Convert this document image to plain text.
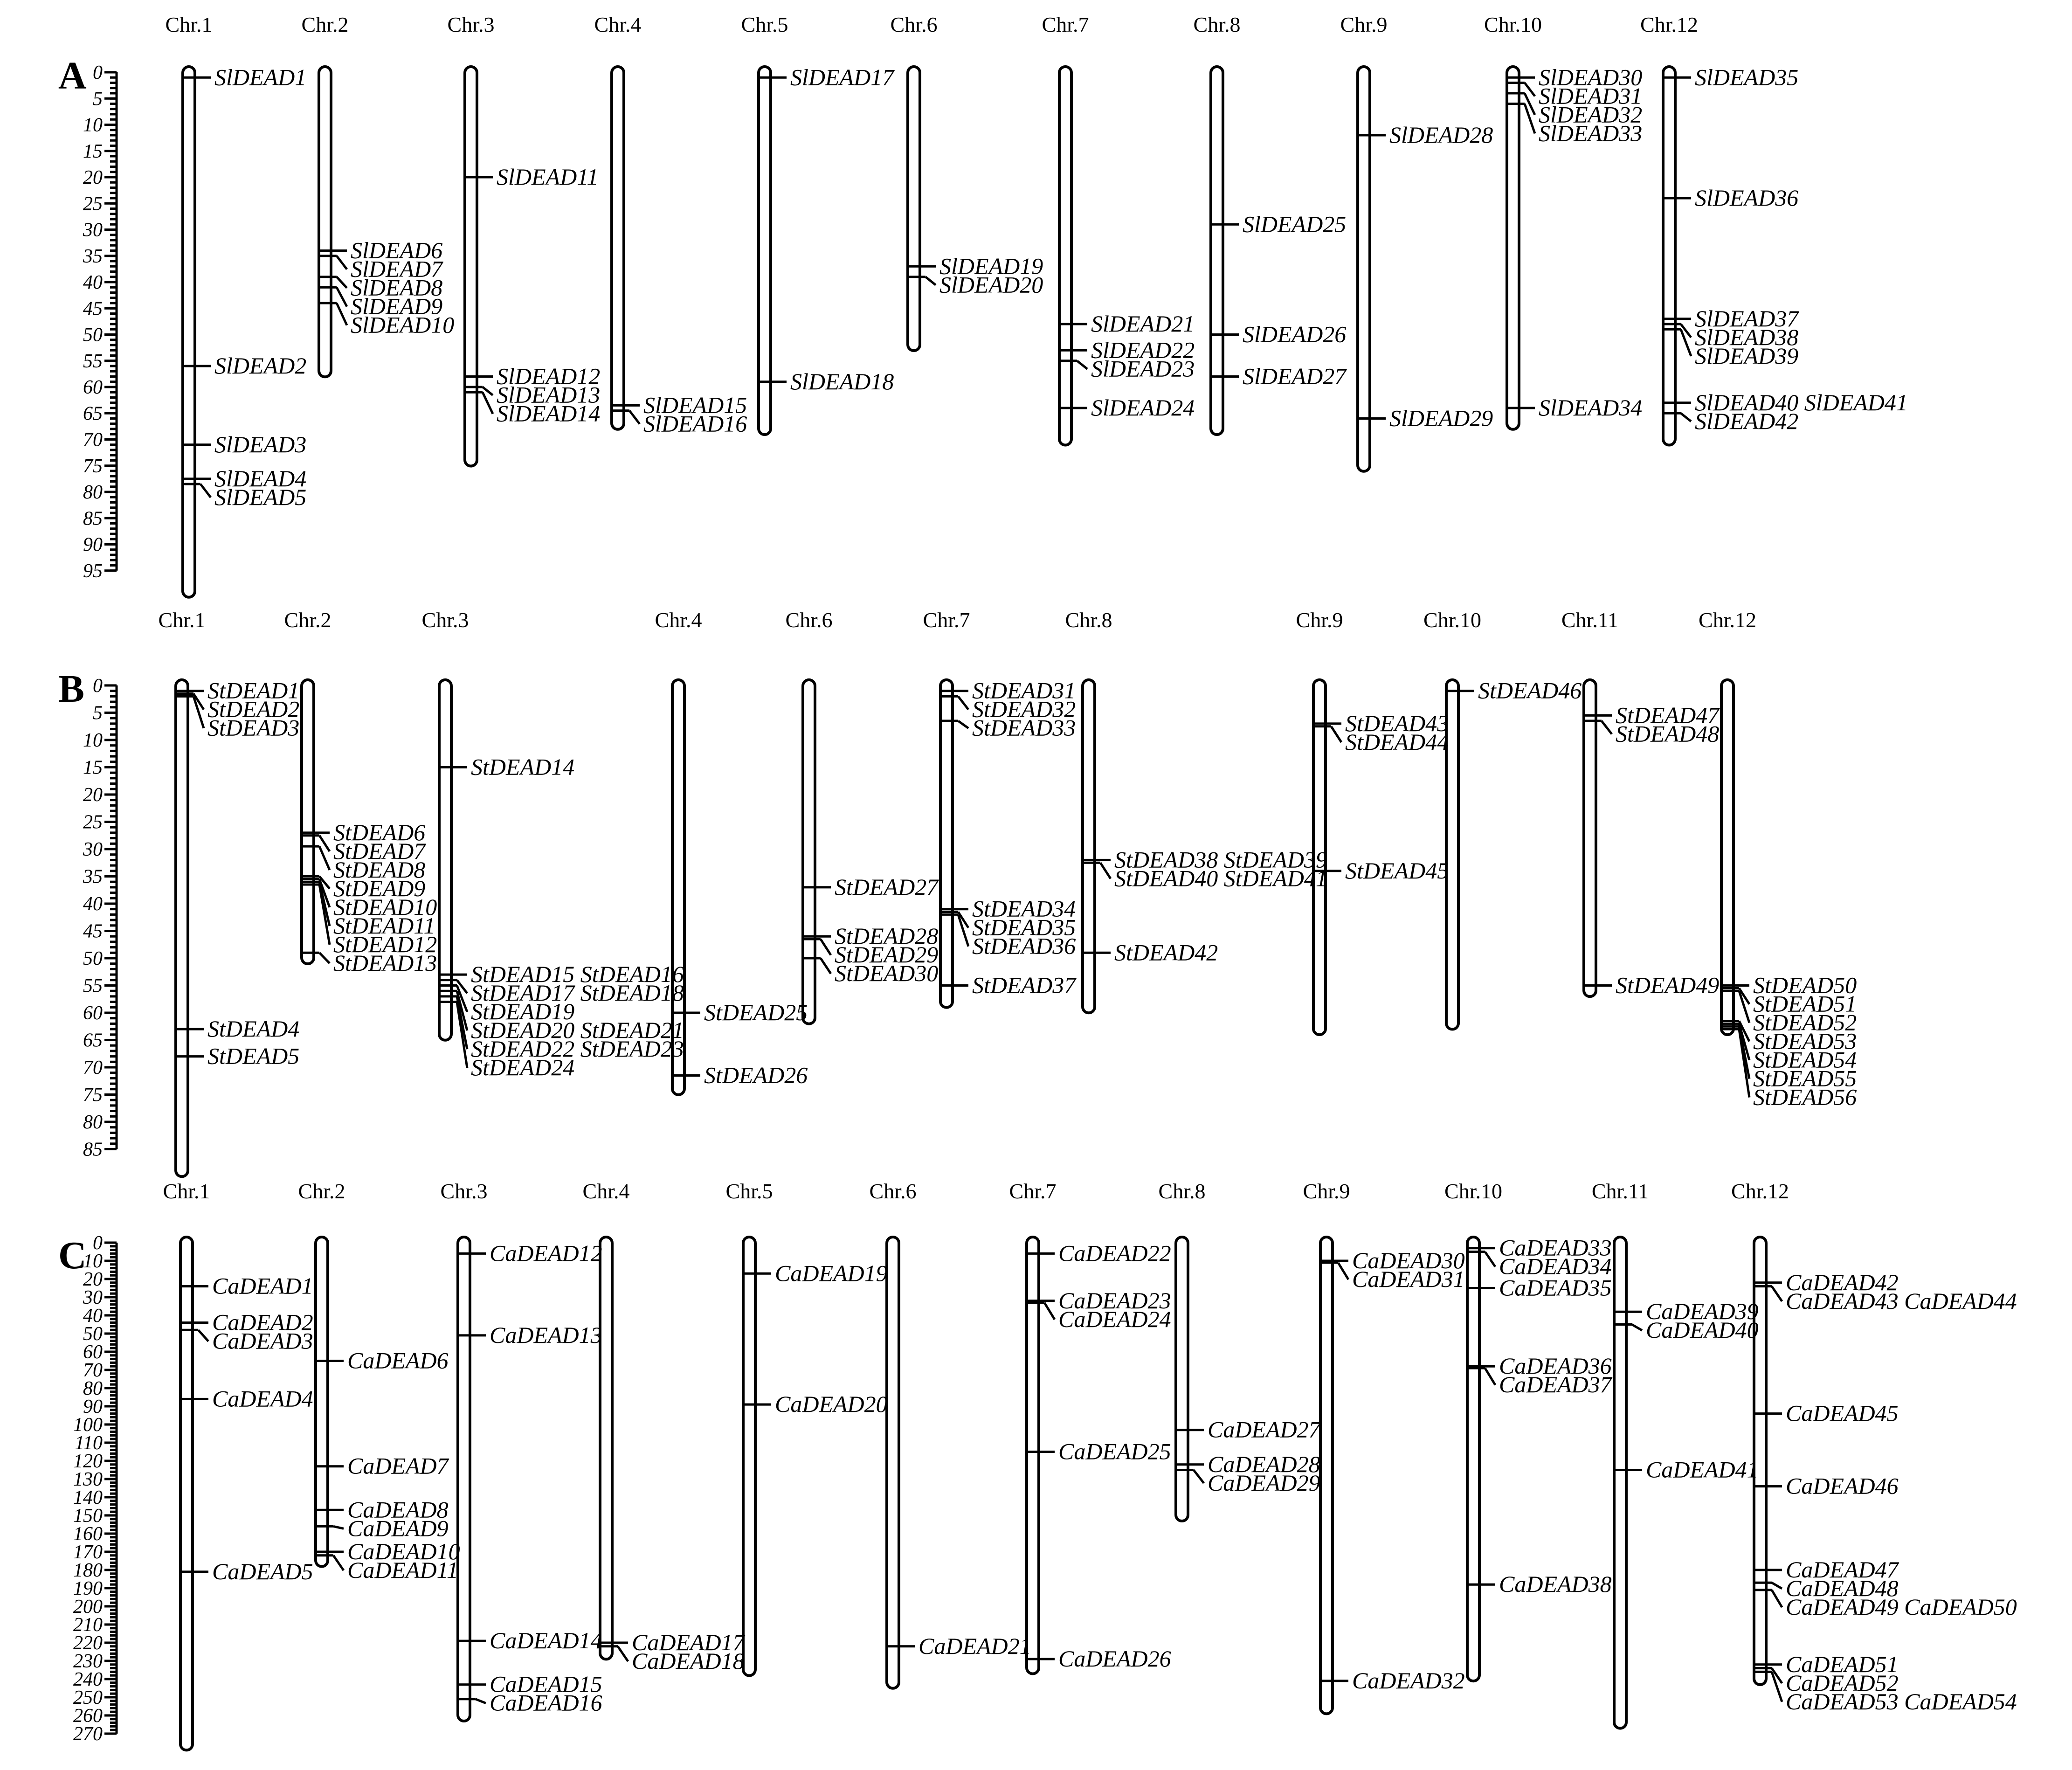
A 0
5
10
15
20
25
30
35
40
45
50
55
60
65
70
75
80
85
90
95
Chr.1
SlDEAD1
SlDEAD2
SlDEAD3
SlDEAD4
SlDEAD5
Chr.2
SlDEAD6
SlDEAD7
SlDEAD8
SlDEAD9
SlDEAD10
Chr.3
SlDEAD11
SlDEAD12
SlDEAD13
SlDEAD14
Chr.4
SlDEAD15
SlDEAD16
Chr.5
SlDEAD17
SlDEAD18
Chr.6
SlDEAD19
SlDEAD20
Chr.7
SlDEAD21
SlDEAD22
SlDEAD23
SlDEAD24
Chr.8
SlDEAD25
SlDEAD26
SlDEAD27
Chr.9
SlDEAD28
SlDEAD29
Chr.10
SlDEAD30
SlDEAD31
SlDEAD32
SlDEAD33
SlDEAD34
Chr.12
SlDEAD35
SlDEAD36
SlDEAD37
SlDEAD38
SlDEAD39
SlDEAD40 SlDEAD41
SlDEAD42
B 0
5
10
15
20
25
30
35
40
45
50
55
60
65
70
75
80
85
Chr.1
StDEAD1
StDEAD2
StDEAD3
StDEAD4
StDEAD5
Chr.2
StDEAD6
StDEAD7
StDEAD8
StDEAD9
StDEAD10
StDEAD11
StDEAD12
StDEAD13
Chr.3
StDEAD14
StDEAD15 StDEAD16
StDEAD17 StDEAD18
StDEAD19
StDEAD20 StDEAD21
StDEAD22 StDEAD23
StDEAD24
Chr.4
StDEAD25
StDEAD26
Chr.6
StDEAD27
StDEAD28
StDEAD29
StDEAD30
Chr.7
StDEAD31
StDEAD32
StDEAD33
StDEAD34
StDEAD35
StDEAD36
StDEAD37
Chr.8
StDEAD38 StDEAD39
StDEAD40 StDEAD41
StDEAD42
Chr.9
StDEAD43
StDEAD44
StDEAD45
Chr.10
StDEAD46
Chr.11
StDEAD47
StDEAD48
StDEAD49
Chr.12
StDEAD50
StDEAD51
StDEAD52
StDEAD53
StDEAD54
StDEAD55
StDEAD56
C 0
10
20
30
40
50
60
70
80
90
100
110
120
130
140
150
160
170
180
190
200
210
220
230
240
250
260
270
Chr.1
CaDEAD1
CaDEAD2
CaDEAD3
CaDEAD4
CaDEAD5
Chr.2
CaDEAD6
CaDEAD7
CaDEAD8
CaDEAD9
CaDEAD10
CaDEAD11
Chr.3
CaDEAD12
CaDEAD13
CaDEAD14
CaDEAD15
CaDEAD16
Chr.4
CaDEAD17
CaDEAD18
Chr.5
CaDEAD19
CaDEAD20
Chr.6
CaDEAD21
Chr.7
CaDEAD22
CaDEAD23
CaDEAD24
CaDEAD25
CaDEAD26
Chr.8
CaDEAD27
CaDEAD28
CaDEAD29
Chr.9
CaDEAD30
CaDEAD31
CaDEAD32
Chr.10
CaDEAD33
CaDEAD34
CaDEAD35
CaDEAD36
CaDEAD37
CaDEAD38
Chr.11
CaDEAD39
CaDEAD40
CaDEAD41
Chr.12
CaDEAD42
CaDEAD43 CaDEAD44
CaDEAD45
CaDEAD46
CaDEAD47
CaDEAD48
CaDEAD49 CaDEAD50
CaDEAD51
CaDEAD52
CaDEAD53 CaDEAD54
